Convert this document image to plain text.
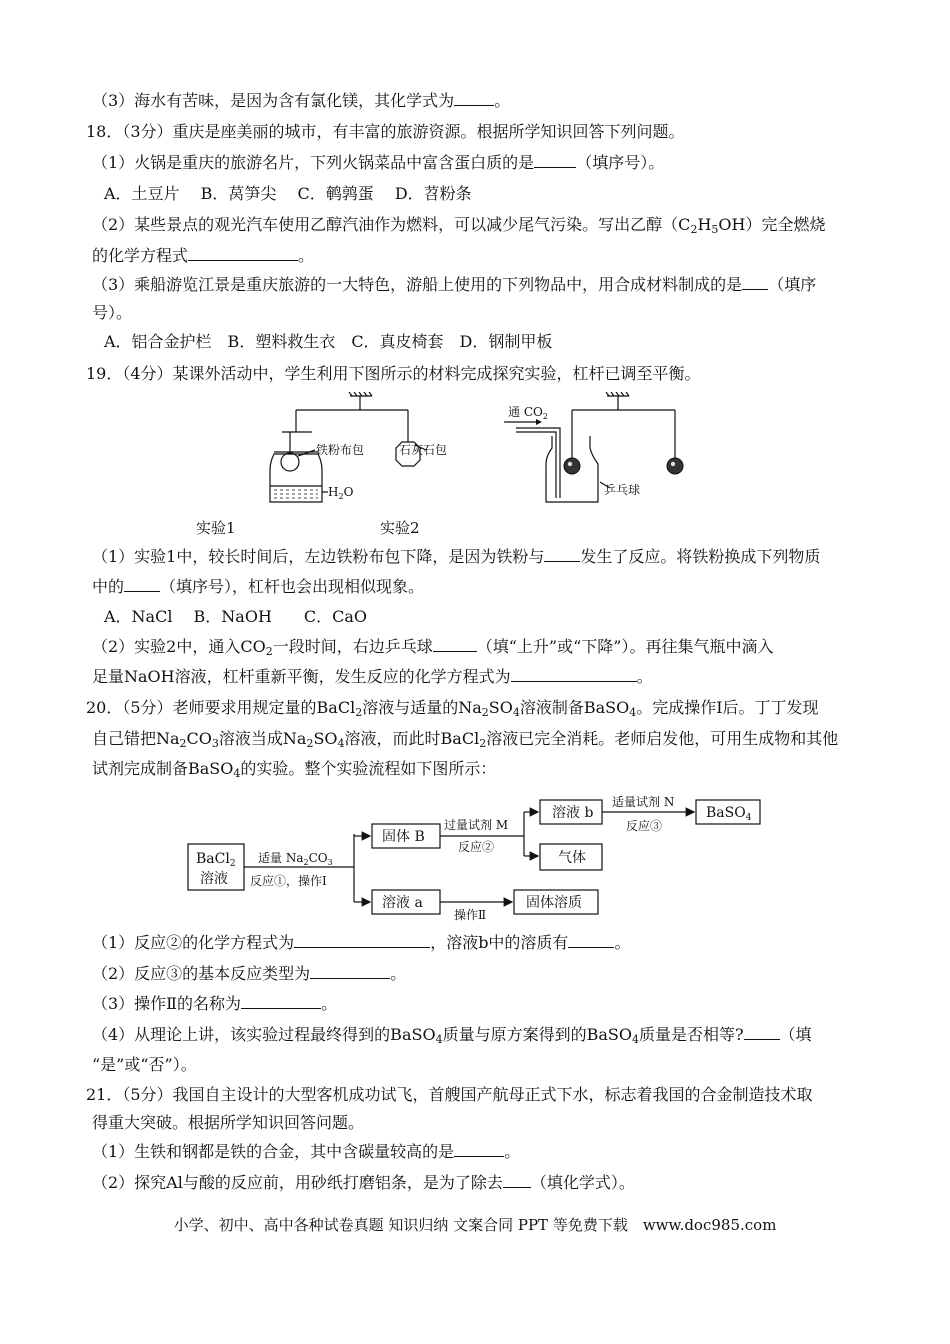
（3）海水有苦味，是因为含有氯化镁，其化学式为	。
18．（3分）重庆是座美丽的城市，有丰富的旅游资源。根据所学知识回答下列问题。
（1）火锅是重庆的旅游名片，下列火锅菜品中富含蛋白质的是	（填序号）。
A．土豆片　 B．莴笋尖　 C．鹌鹑蛋　 D．苕粉条
（2）某些景点的观光汽车使用乙醇汽油作为燃料，可以减少尾气污染。写出乙醇$(C_2H_5OH)$完全燃烧
的化学方程式	。
（3）乘船游览江景是重庆旅游的一大特色，游船上使用的下列物品中，用合成材料制成的是 （填序
号）。
A．铝合金护栏　B．塑料救生衣　C．真皮椅套　D．钢制甲板
19．（4分）某课外活动中，学生利用下图所示的材料完成探究实验，杠杆已调至平衡。
铁粉布包	石灰石包
$H_2O$
通 $CO_2$
乒乓球
实验1	实验2
（1）实验1中，较长时间后，左边铁粉布包下降，是因为铁粉与 发生了反应。将铁粉换成下列物质
中的 （填序号），杠杆也会出现相似现象。
A．NaCl　 B．NaOH　　C．CaO
（2）实验2中，通入$CO_2$一段时间，右边乒乓球	（填“上升”或“下降”）。再往集气瓶中滴入
足量NaOH溶液，杠杆重新平衡，发生反应的化学方程式为	。
20．（5分）老师要求用规定量的BaCl$_2$溶液与适量的$Na_2SO_4$溶液制备BaSO$_4$。完成操作Ⅰ后。丁丁发现
自己错把$Na_2CO_3$溶液当成$Na_2SO_4$溶液，而此时BaCl$_2$溶液已完全消耗。老师启发他，可用生成物和其他
试剂完成制备BaSO$_4$的实验。整个实验流程如下图所示：
BaCl$_2$
溶液
适量 $Na_2CO_3$
反应①，操作Ⅰ
固体 B
溶液 a
过量试剂 M
反应②
溶液 b
气体
适量试剂 N
反应③
BaSO$_4$
操作Ⅱ
固体溶质
（1）反应②的化学方程式为	，溶液b中的溶质有	。
（2）反应③的基本反应类型为	。
（3）操作Ⅱ的名称为	。
（4）从理论上讲，该实验过程最终得到的BaSO$_4$质量与原方案得到的BaSO$_4$质量是否相等? （填
“是”或“否”）。
21．（5分）我国自主设计的大型客机成功试飞，首艘国产航母正式下水，标志着我国的合金制造技术取
得重大突破。根据所学知识回答问题。
（1）生铁和钢都是铁的合金，其中含碳量较高的是	。
（2）探究Al与酸的反应前，用砂纸打磨铝条，是为了除去 （填化学式）。
小学、初中、高中各种试卷真题 知识归纳 文案合同 PPT 等免费下载　www.doc985.com
